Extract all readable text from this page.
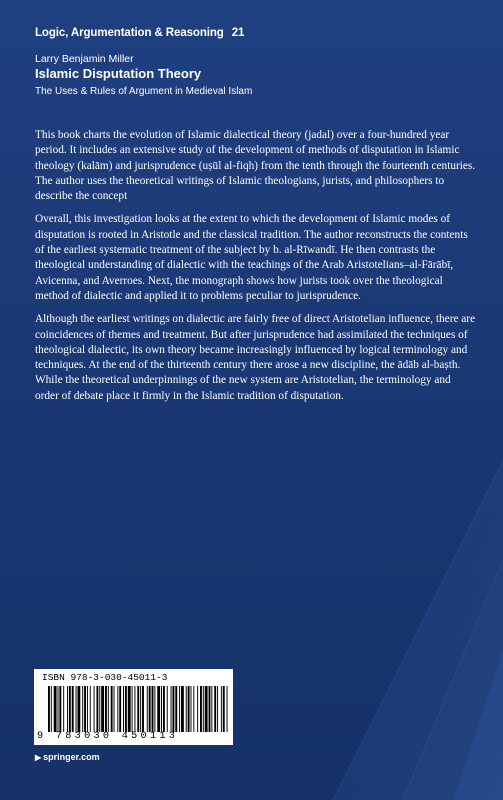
Logic, Argumentation & Reasoning 21
Larry Benjamin Miller
Islamic Disputation Theory
The Uses & Rules of Argument in Medieval Islam

This book charts the evolution of Islamic dialectical theory (jadal) over a four-hundred year period. It includes an extensive study of the development of methods of disputation in Islamic theology (kalām) and jurisprudence (uṣūl al-fiqh) from the tenth through the fourteenth centuries. The author uses the theoretical writings of Islamic theologians, jurists, and philosophers to describe the concept

Overall, this investigation looks at the extent to which the development of Islamic modes of disputation is rooted in Aristotle and the classical tradition. The author reconstructs the contents of the earliest systematic treatment of the subject by b. al-Rīwandī. He then contrasts the theological understanding of dialectic with the teachings of the Arab Aristotelians–al-Fārābī, Avicenna, and Averroes. Next, the monograph shows how jurists took over the theological method of dialectic and applied it to problems peculiar to jurisprudence.

Although the earliest writings on dialectic are fairly free of direct Aristotelian influence, there are coincidences of themes and treatment. But after jurisprudence had assimilated the techniques of theological dialectic, its own theory became increasingly influenced by logical terminology and techniques. At the end of the thirteenth century there arose a new discipline, the ādāb al-baṣth. While the theoretical underpinnings of the new system are Aristotelian, the terminology and order of debate place it firmly in the Islamic tradition of disputation.

ISBN 978-3-030-45011-3
9 783030 450113
▶ springer.com
